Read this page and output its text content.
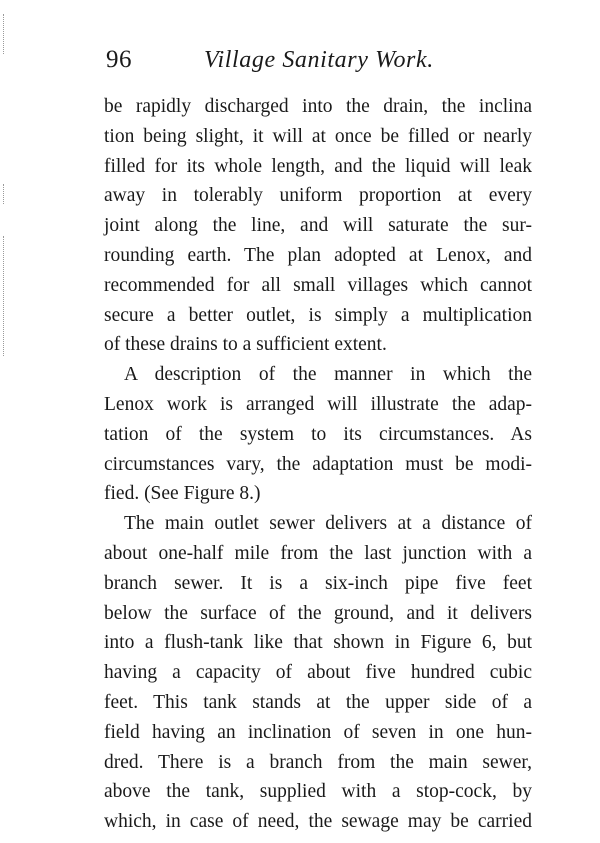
96	Village Sanitary Work.
be rapidly discharged into the drain, the inclina
tion being slight, it will at once be filled or nearly
filled for its whole length, and the liquid will leak
away in tolerably uniform proportion at every
joint along the line, and will saturate the sur-
rounding earth. The plan adopted at Lenox, and
recommended for all small villages which cannot
secure a better outlet, is simply a multiplication
of these drains to a sufficient extent.
A description of the manner in which the
Lenox work is arranged will illustrate the adap-
tation of the system to its circumstances. As
circumstances vary, the adaptation must be modi-
fied. (See Figure 8.)
The main outlet sewer delivers at a distance of
about one-half mile from the last junction with a
branch sewer. It is a six-inch pipe five feet
below the surface of the ground, and it delivers
into a flush-tank like that shown in Figure 6, but
having a capacity of about five hundred cubic
feet. This tank stands at the upper side of a
field having an inclination of seven in one hun-
dred. There is a branch from the main sewer,
above the tank, supplied with a stop-cock, by
which, in case of need, the sewage may be carried
